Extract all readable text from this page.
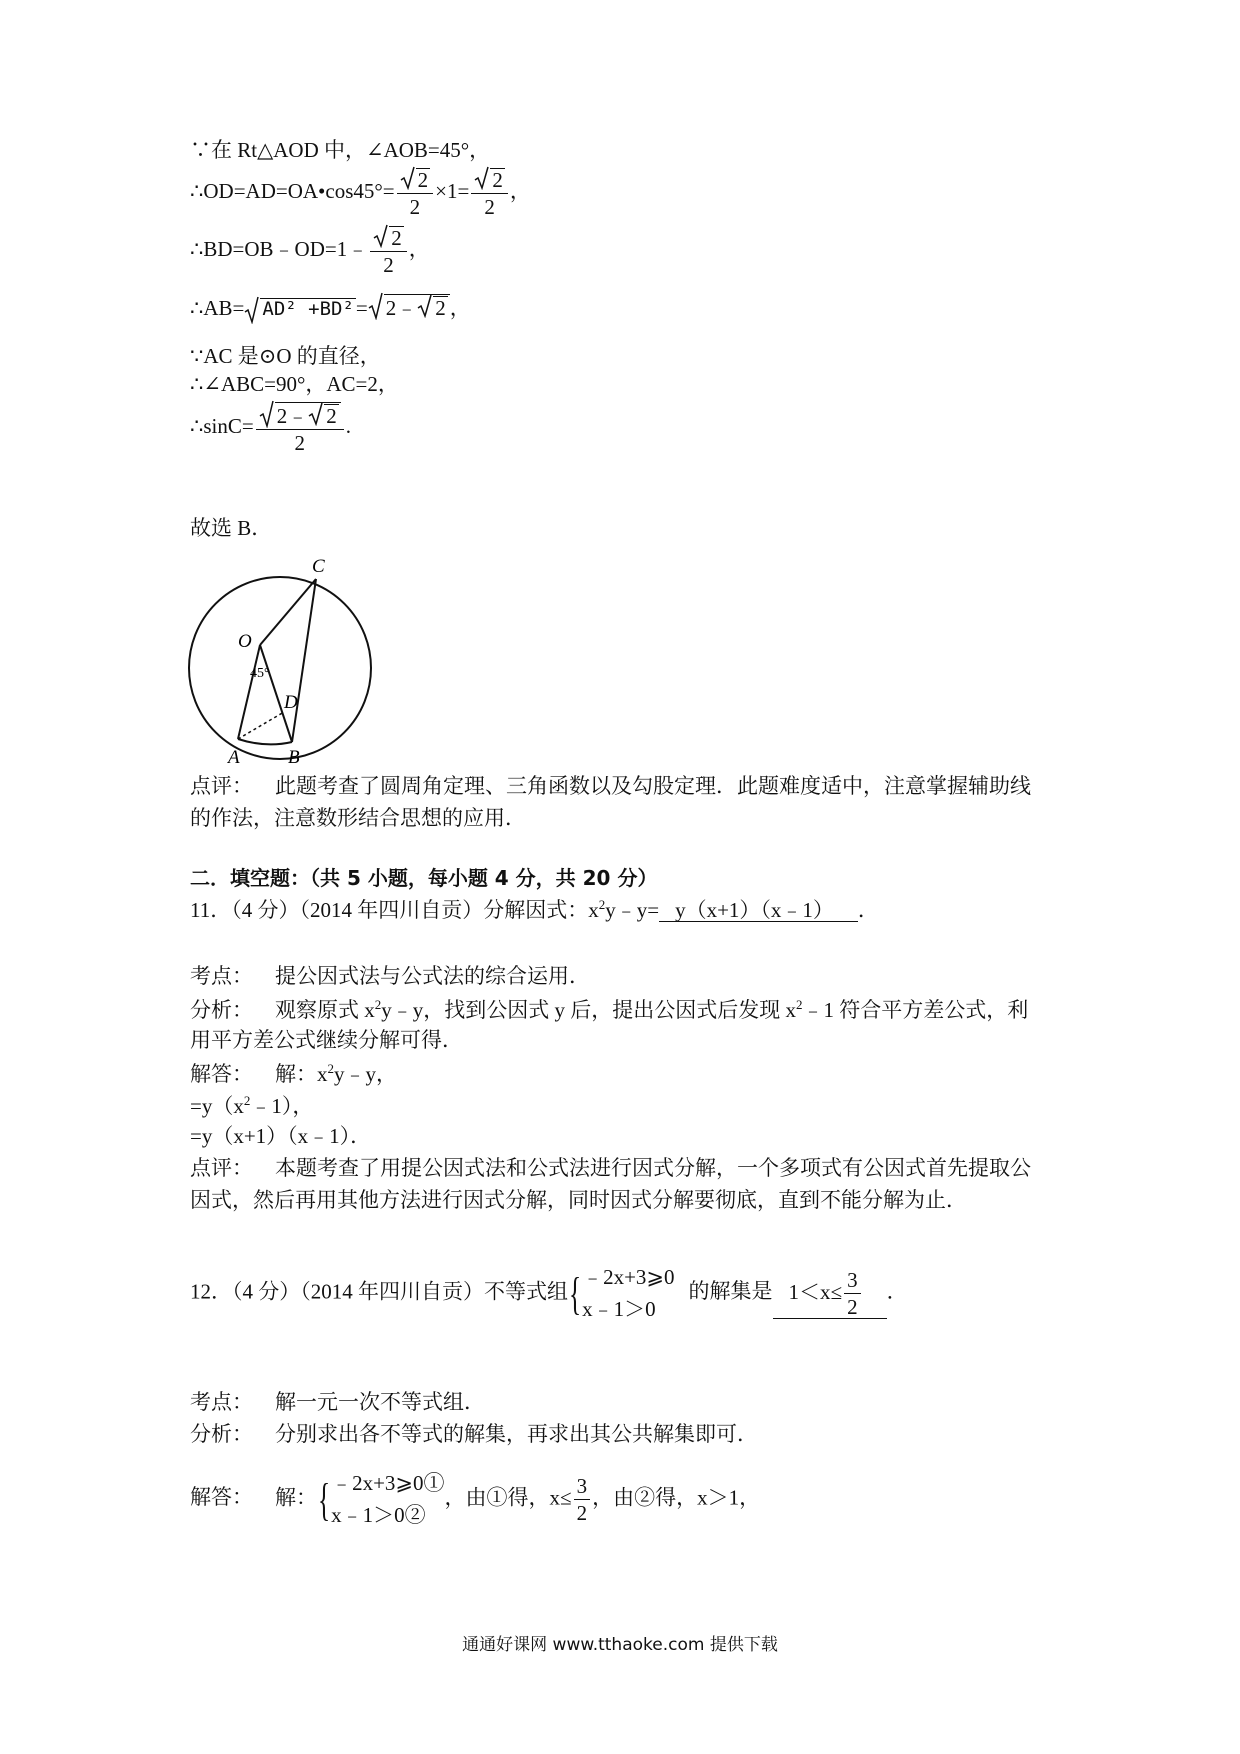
∵在 Rt△AOD 中，∠AOB=45°，
∴OD=AD=OA•cos45°= $\frac{2}{2} \times 1= \frac{2}{2}$ ，
∴BD=OB﹣OD=1﹣ $\frac{2}{2}$ ，
∴AB= AD² +BD²= 2﹣ 2 ，
∵AC 是⊙O 的直径，
∴∠ABC=90°，AC=2，
∴sinC= $\frac{2﹣ 2}{2}$ .
故选 B．
C
O
45°
D
A	B
点评： 此题考查了圆周角定理、三角函数以及勾股定理．此题难度适中，注意掌握辅助线
的作法，注意数形结合思想的应用．
二．填空题：（共 5 小题，每小题 4 分，共 20 分）
11．（4 分）（2014 年四川自贡）分解因式：$x^2y﹣y=$ y（x+1）（x﹣1） ．
考点： 提公因式法与公式法的综合运用．
分析： 观察原式 $x^2y﹣y$，找到公因式 y 后，提出公因式后发现 $x^2﹣1$ 符合平方差公式，利
用平方差公式继续分解可得．
解答： 解：$x^2y﹣y$，
$=y(x^2﹣1)$，
=y（x+1）（x﹣1）．
点评： 本题考查了用提公因式法和公式法进行因式分解，一个多项式有公因式首先提取公
因式，然后再用其他方法进行因式分解，同时因式分解要彻底，直到不能分解为止．
12．（4 分）（2014 年四川自贡）不等式组{ ﹣2x+3⩾0
x﹣1＞0
的解集是 $1<x\le \frac{3}{2}$ ．
考点： 解一元一次不等式组．
分析： 分别求出各不等式的解集，再求出其公共解集即可．
解答： 解：{ ﹣2x+3⩾0①
x﹣1＞0②
，由①得，$x\le \frac{3}{2}$ ，由②得，x＞1，
通通好课网 www.tthaoke.com 提供下载
